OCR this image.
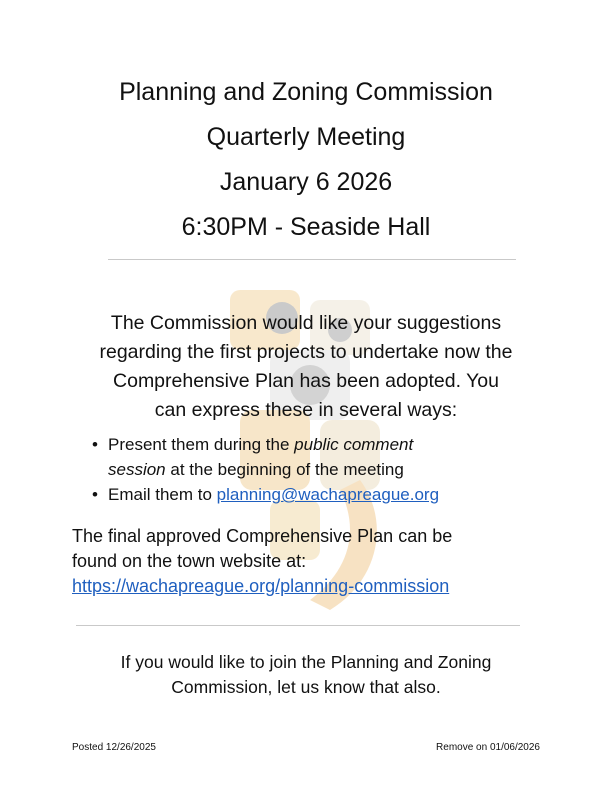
Planning and Zoning Commission
Quarterly Meeting
January 6 2026
6:30PM - Seaside Hall
The Commission would like your suggestions
regarding the first projects to undertake now the
Comprehensive Plan has been adopted. You
can express these in several ways:
• Present them during the public comment
session at the beginning of the meeting
• Email them to planning@wachapreague.org
The final approved Comprehensive Plan can be
found on the town website at:
https://wachapreague.org/planning-commission
If you would like to join the Planning and Zoning
Commission, let us know that also.
Posted 12/26/2025	Remove on 01/06/2026
